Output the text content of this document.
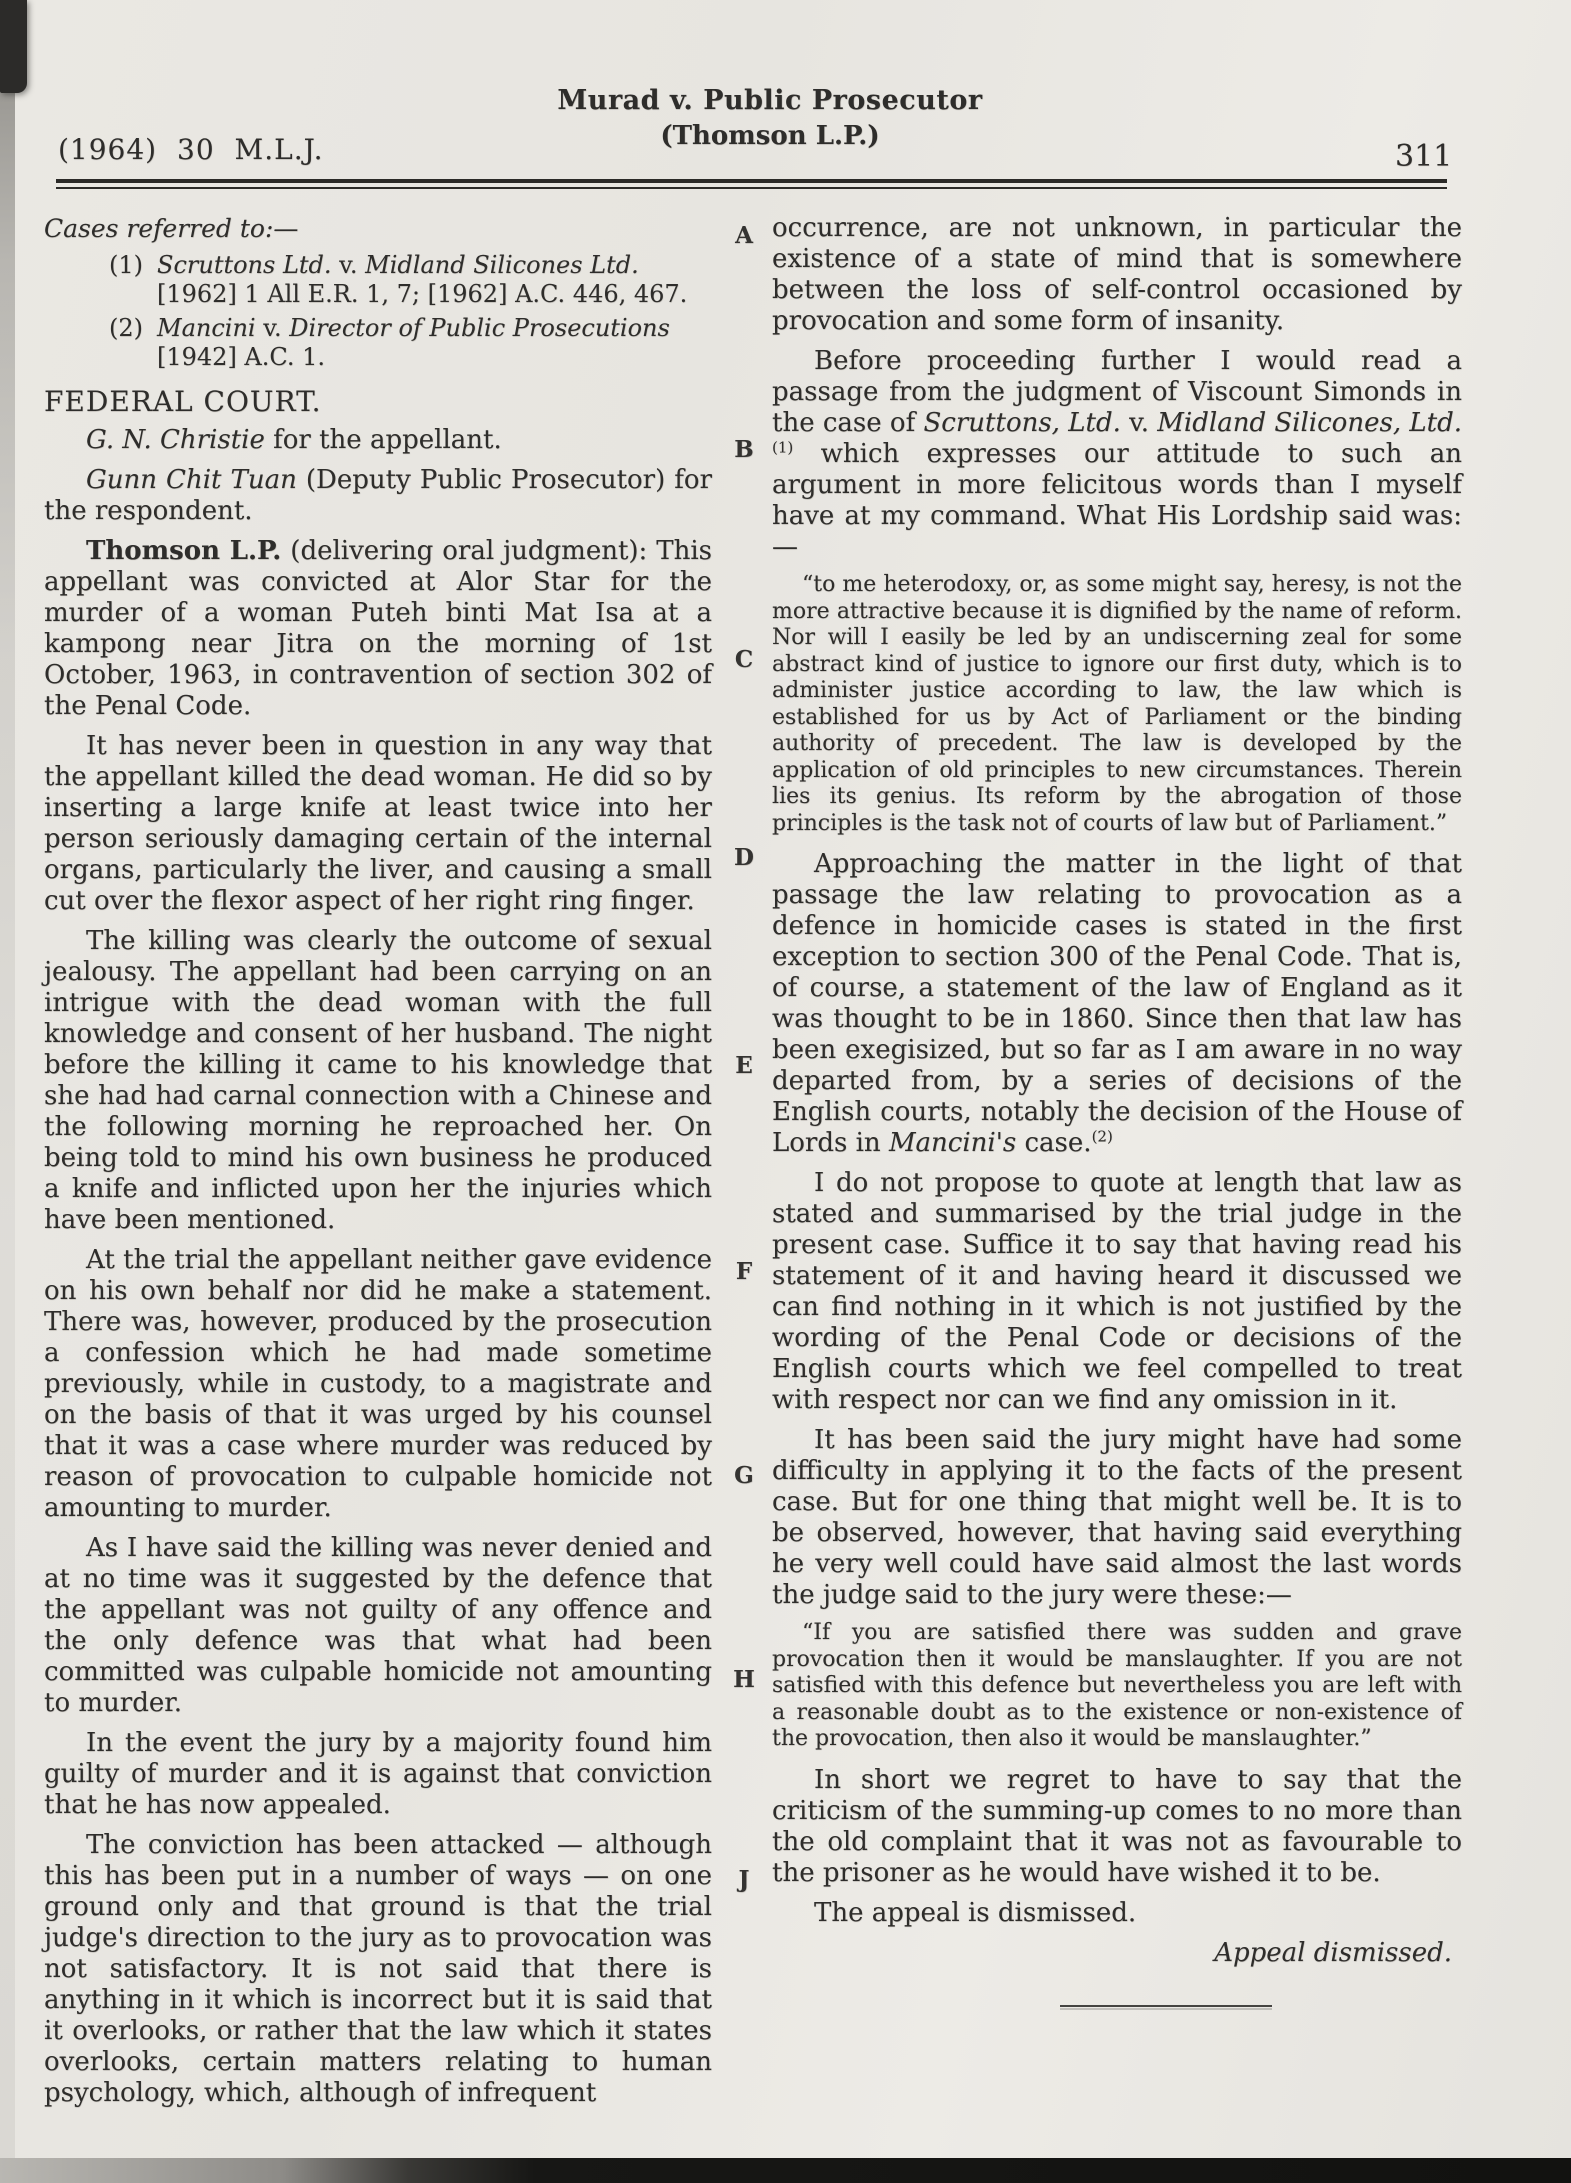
(1964) 30 M.L.J.
Murad v. Public Prosecutor
(Thomson L.P.)
311
Cases referred to:—
(1) Scruttons Ltd. v. Midland Silicones Ltd. [1962] 1 All E.R. 1, 7; [1962] A.C. 446, 467.
(2) Mancini v. Director of Public Prosecutions [1942] A.C. 1.
FEDERAL COURT.

G. N. Christie for the appellant.

Gunn Chit Tuan (Deputy Public Prosecutor) for the respondent.

Thomson L.P. (delivering oral judgment): This appellant was convicted at Alor Star for the murder of a woman Puteh binti Mat Isa at a kampong near Jitra on the morning of 1st October, 1963, in contravention of section 302 of the Penal Code.

It has never been in question in any way that the appellant killed the dead woman. He did so by inserting a large knife at least twice into her person seriously damaging certain of the internal organs, particularly the liver, and causing a small cut over the flexor aspect of her right ring finger.

The killing was clearly the outcome of sexual jealousy. The appellant had been carrying on an intrigue with the dead woman with the full knowledge and consent of her husband. The night before the killing it came to his knowledge that she had had carnal connection with a Chinese and the following morning he reproached her. On being told to mind his own business he produced a knife and inflicted upon her the injuries which have been mentioned.

At the trial the appellant neither gave evidence on his own behalf nor did he make a statement. There was, however, produced by the prosecution a confession which he had made sometime previously, while in custody, to a magistrate and on the basis of that it was urged by his counsel that it was a case where murder was reduced by reason of provocation to culpable homicide not amounting to murder.

As I have said the killing was never denied and at no time was it suggested by the defence that the appellant was not guilty of any offence and the only defence was that what had been committed was culpable homicide not amounting to murder.

In the event the jury by a majority found him guilty of murder and it is against that conviction that he has now appealed.

The conviction has been attacked — although this has been put in a number of ways — on one ground only and that ground is that the trial judge's direction to the jury as to provocation was not satisfactory. It is not said that there is anything in it which is incorrect but it is said that it overlooks, or rather that the law which it states overlooks, certain matters relating to human psychology, which, although of infrequent

A
B
C
D
E
F
G
H
J

occurrence, are not unknown, in particular the existence of a state of mind that is somewhere between the loss of self-control occasioned by provocation and some form of insanity.

Before proceeding further I would read a passage from the judgment of Viscount Simonds in the case of Scruttons, Ltd. v. Midland Silicones, Ltd.$^{(1)}$ which expresses our attitude to such an argument in more felicitous words than I myself have at my command. What His Lordship said was:—

“to me heterodoxy, or, as some might say, heresy, is not the more attractive because it is dignified by the name of reform. Nor will I easily be led by an undiscerning zeal for some abstract kind of justice to ignore our first duty, which is to administer justice according to law, the law which is established for us by Act of Parliament or the binding authority of precedent. The law is developed by the application of old principles to new circumstances. Therein lies its genius. Its reform by the abrogation of those principles is the task not of courts of law but of Parliament.”

Approaching the matter in the light of that passage the law relating to provocation as a defence in homicide cases is stated in the first exception to section 300 of the Penal Code. That is, of course, a statement of the law of England as it was thought to be in 1860. Since then that law has been exegisized, but so far as I am aware in no way departed from, by a series of decisions of the English courts, notably the decision of the House of Lords in Mancini's case.$^{(2)}$

I do not propose to quote at length that law as stated and summarised by the trial judge in the present case. Suffice it to say that having read his statement of it and having heard it discussed we can find nothing in it which is not justified by the wording of the Penal Code or decisions of the English courts which we feel compelled to treat with respect nor can we find any omission in it.

It has been said the jury might have had some difficulty in applying it to the facts of the present case. But for one thing that might well be. It is to be observed, however, that having said everything he very well could have said almost the last words the judge said to the jury were these:—

“If you are satisfied there was sudden and grave provocation then it would be manslaughter. If you are not satisfied with this defence but nevertheless you are left with a reasonable doubt as to the existence or non-existence of the provocation, then also it would be manslaughter.”

In short we regret to have to say that the criticism of the summing-up comes to no more than the old complaint that it was not as favourable to the prisoner as he would have wished it to be.

The appeal is dismissed.

Appeal dismissed.
